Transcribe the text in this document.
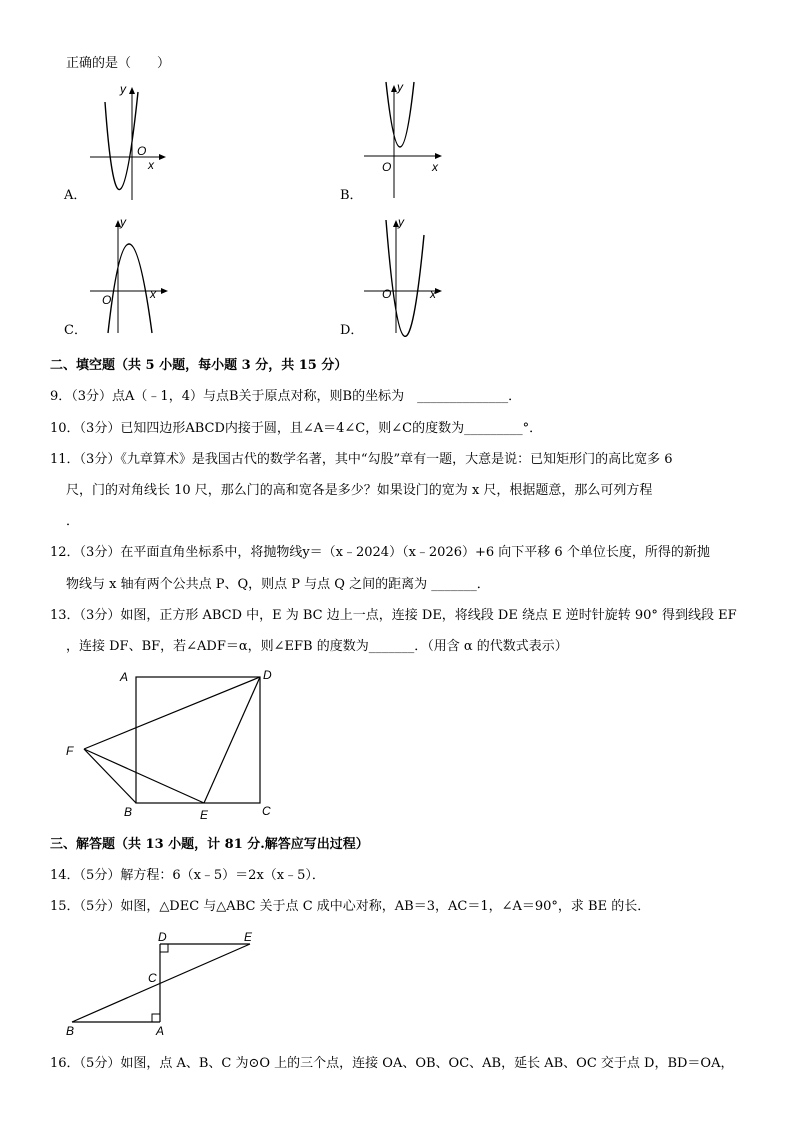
正确的是（　　）
y
x
O
A．
y
x
O
B．
y
x
O
C．
y
x
O
D．
二、填空题（共 5 小题，每小题 3 分，共 15 分）
9．（3分）点A（﹣1，4）与点B关于原点对称，则B的坐标为　______________．
10．（3分）已知四边形ABCD内接于圆，且∠A＝4∠C，则∠C的度数为_________°．
11．（3分）《九章算术》是我国古代的数学名著，其中“勾股”章有一题，大意是说：已知矩形门的高比宽多 6
尺，门的对角线长 10 尺，那么门的高和宽各是多少？如果设门的宽为 x 尺，根据题意，那么可列方程
．
12．（3分）在平面直角坐标系中，将抛物线y＝（x﹣2024）（x﹣2026）+6 向下平移 6 个单位长度，所得的新抛
物线与 x 轴有两个公共点 P、Q，则点 P 与点 Q 之间的距离为 _______．
13．（3分）如图，正方形 ABCD 中，E 为 BC 边上一点，连接 DE，将线段 DE 绕点 E 逆时针旋转 90° 得到线段 EF
，连接 DF、BF，若∠ADF＝α，则∠EFB 的度数为_______．（用含 α 的代数式表示）
A	D
F
B	E	C
三、解答题（共 13 小题，计 81 分.解答应写出过程）
14．（5分）解方程：6（x﹣5）＝2x（x﹣5）．
15．（5分）如图，△DEC 与△ABC 关于点 C 成中心对称，AB＝3，AC＝1，∠A＝90°，求 BE 的长．
D	E
C
B	A
16．（5分）如图，点 A、B、C 为⊙O 上的三个点，连接 OA、OB、OC、AB，延长 AB、OC 交于点 D，BD＝OA，
